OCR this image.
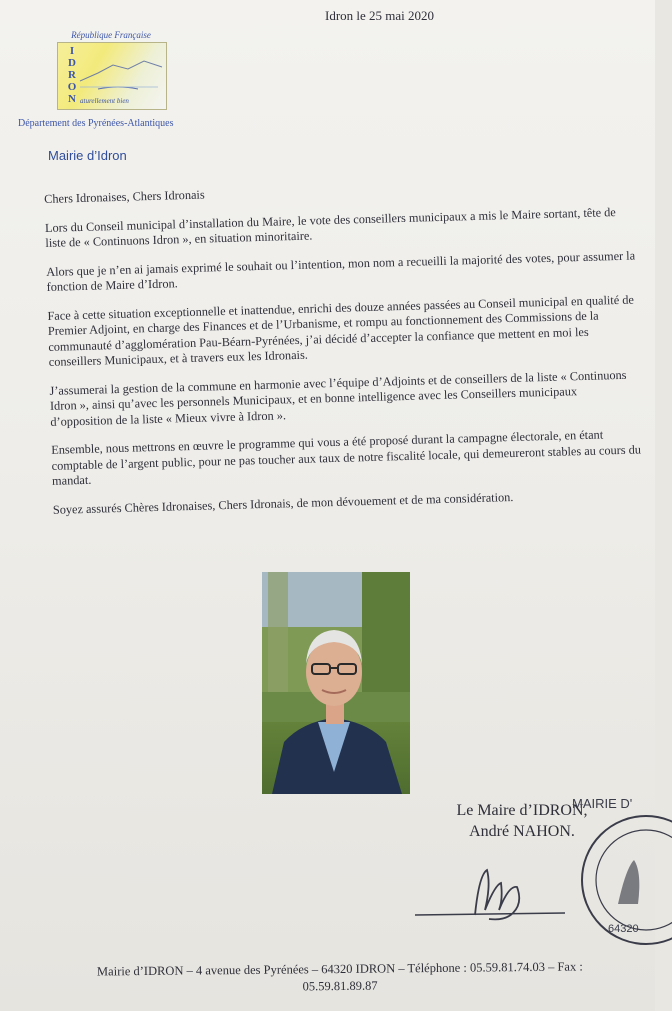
République Française
I
D
R
O
N aturellement bien
Département des Pyrénées-Atlantiques
Mairie d’Idron
Idron le 25 mai 2020

Chers Idronaises, Chers Idronais

Lors du Conseil municipal d’installation du Maire, le vote des conseillers municipaux a mis le Maire sortant, tête de liste de « Continuons Idron », en situation minoritaire.

Alors que je n’en ai jamais exprimé le souhait ou l’intention, mon nom a recueilli la majorité des votes, pour assumer la fonction de Maire d’Idron.

Face à cette situation exceptionnelle et inattendue, enrichi des douze années passées au Conseil municipal en qualité de Premier Adjoint, en charge des Finances et de l’Urbanisme, et rompu au fonctionnement des Commissions de la communauté d’agglomération Pau-Béarn-Pyrénées, j’ai décidé d’accepter la confiance que mettent en moi les conseillers Municipaux, et à travers eux les Idronais.

J’assumerai la gestion de la commune en harmonie avec l’équipe d’Adjoints et de conseillers de la liste « Continuons Idron », ainsi qu’avec les personnels Municipaux, et en bonne intelligence avec les Conseillers municipaux d’opposition de la liste « Mieux vivre à Idron ».

Ensemble, nous mettrons en œuvre le programme qui vous a été proposé durant la campagne électorale, en étant comptable de l’argent public, pour ne pas toucher aux taux de notre fiscalité locale, qui demeureront stables au cours du mandat.

Soyez assurés Chères Idronaises, Chers Idronais, de mon dévouement et de ma considération.

Le Maire d’IDRON,
André NAHON.
MAIRIE D'
64320
Mairie d’IDRON – 4 avenue des Pyrénées – 64320 IDRON – Téléphone : 05.59.81.74.03 – Fax :
05.59.81.89.87
